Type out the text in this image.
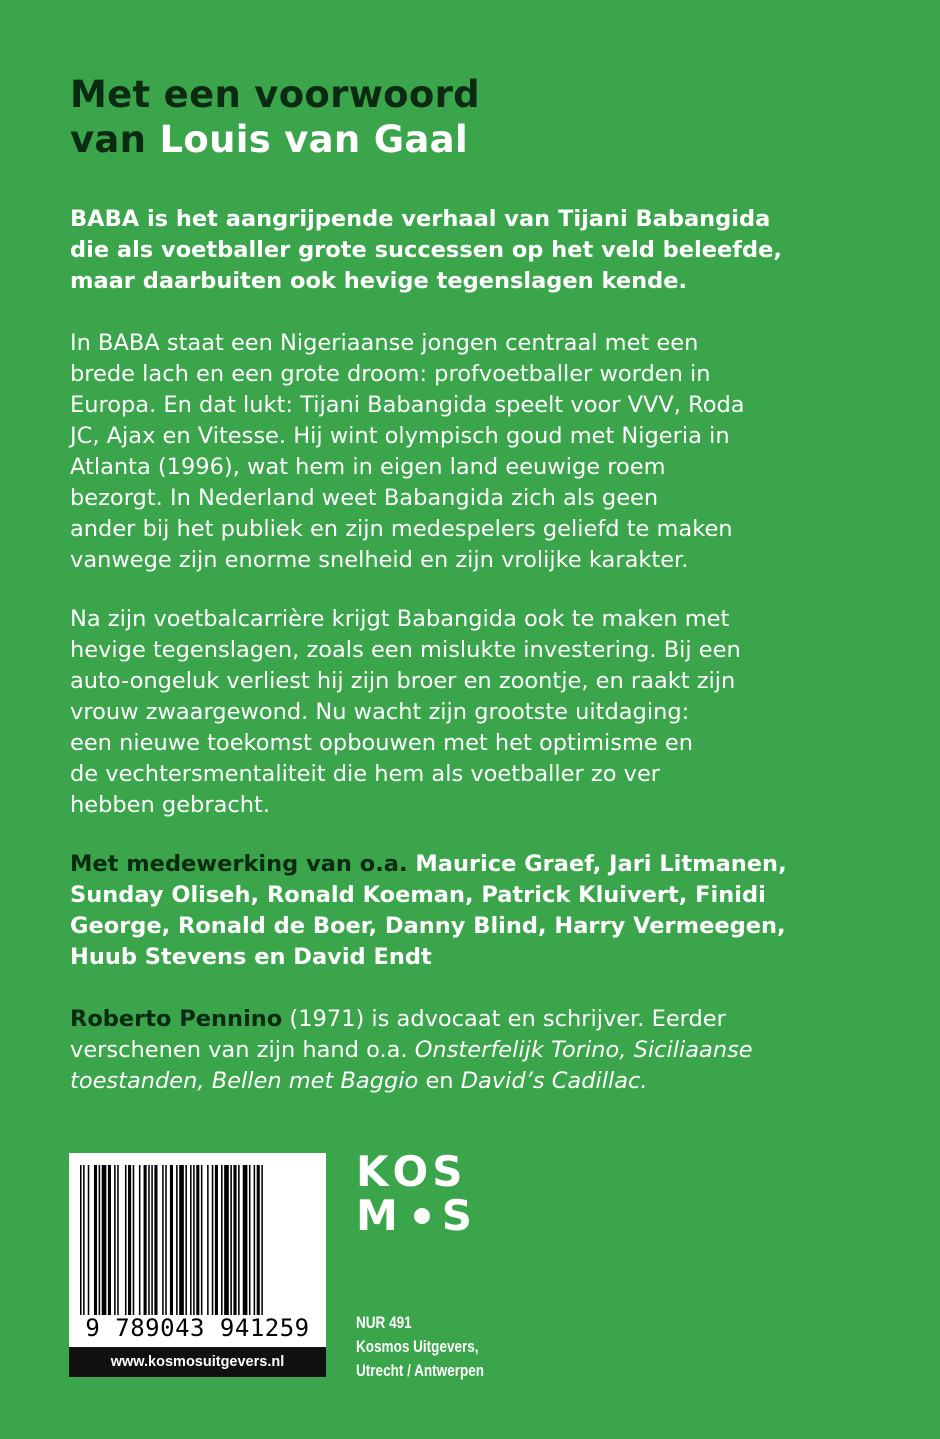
Met een voorwoord
van Louis van Gaal

BABA is het aangrijpende verhaal van Tijani Babangida
die als voetballer grote successen op het veld beleefde,
maar daarbuiten ook hevige tegenslagen kende.

In BABA staat een Nigeriaanse jongen centraal met een
brede lach en een grote droom: profvoetballer worden in
Europa. En dat lukt: Tijani Babangida speelt voor VVV, Roda
JC, Ajax en Vitesse. Hij wint olympisch goud met Nigeria in
Atlanta (1996), wat hem in eigen land eeuwige roem
bezorgt. In Nederland weet Babangida zich als geen
ander bij het publiek en zijn medespelers geliefd te maken
vanwege zijn enorme snelheid en zijn vrolijke karakter.

Na zijn voetbalcarrière krijgt Babangida ook te maken met
hevige tegenslagen, zoals een mislukte investering. Bij een
auto-ongeluk verliest hij zijn broer en zoontje, en raakt zijn
vrouw zwaargewond. Nu wacht zijn grootste uitdaging:
een nieuwe toekomst opbouwen met het optimisme en
de vechtersmentaliteit die hem als voetballer zo ver
hebben gebracht.

Met medewerking van o.a. Maurice Graef, Jari Litmanen,
Sunday Oliseh, Ronald Koeman, Patrick Kluivert, Finidi
George, Ronald de Boer, Danny Blind, Harry Vermeegen,
Huub Stevens en David Endt

Roberto Pennino (1971) is advocaat en schrijver. Eerder
verschenen van zijn hand o.a. Onsterfelijk Torino, Siciliaanse
toestanden, Bellen met Baggio en David’s Cadillac.

9 789043 941259
www.kosmosuitgevers.nl
K O S
M S
NUR 491
Kosmos Uitgevers,
Utrecht / Antwerpen
